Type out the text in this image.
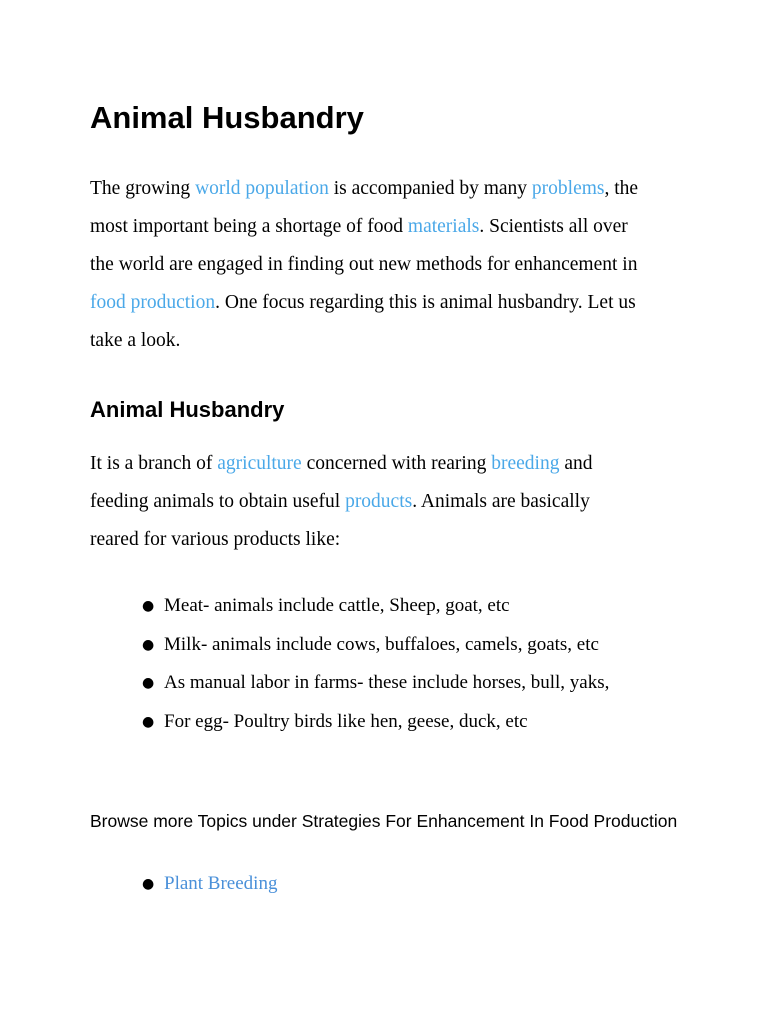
Animal Husbandry

The growing world population is accompanied by many problems, the
most important being a shortage of food materials. Scientists all over
the world are engaged in finding out new methods for enhancement in
food production. One focus regarding this is animal husbandry. Let us
take a look.

Animal Husbandry

It is a branch of agriculture concerned with rearing breeding and
feeding animals to obtain useful products. Animals are basically
reared for various products like:

● Meat- animals include cattle, Sheep, goat, etc
● Milk- animals include cows, buffaloes, camels, goats, etc
● As manual labor in farms- these include horses, bull, yaks,
● For egg- Poultry birds like hen, geese, duck, etc

Browse more Topics under Strategies For Enhancement In Food Production

● Plant Breeding
